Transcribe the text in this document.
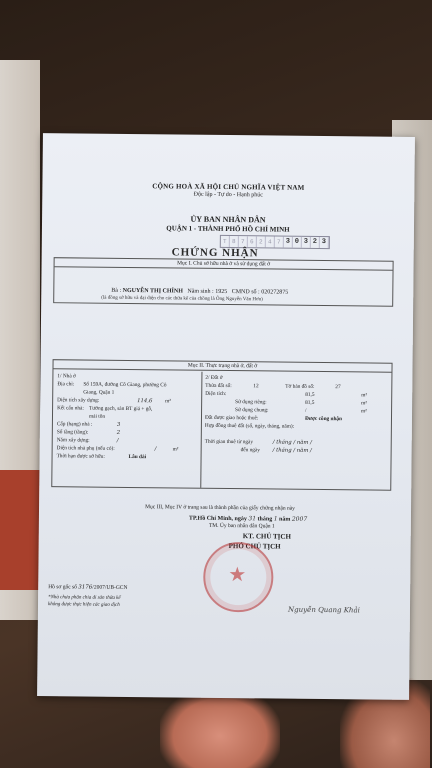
CỘNG HOÀ XÃ HỘI CHỦ NGHĨA VIỆT NAM
Độc lập - Tự do - Hạnh phúc
ỦY BAN NHÂN DÂN
QUẬN 1 - THÀNH PHỐ HỒ CHÍ MINH
T 8 7 6 2 4 7 3 0 3 2 3
CHỨNG NHẬN
Mục I. Chủ sở hữu nhà ở và sử dụng đất ở
Bà : NGUYỄN THỊ CHÍNH Năm sinh : 1925 CMND số : 020272875
(là đồng sở hữu và đại diện cho các thừa kế của chồng là Ông Nguyễn Văn Hơn)
Mục II. Thực trạng nhà ở, đất ở
1/ Nhà ở
Địa chỉ: Số 159A, đường Cô Giang, phường Cô
Giang, Quận 1
Diện tích xây dựng:	114,6 m²
Kết cấu nhà: Tường gạch, sàn BT giả + gỗ,
mái tôn
Cấp (hạng) nhà :	3
Số tầng (tầng):	2
Năm xây dựng:	/
Diện tích nhà phụ (nếu có):	/	m²
Thời hạn được sở hữu:	Lâu dài
2/ Đất ở
Thửa đất số:	12	Tờ bản đồ số:	27
Diện tích:	81,5	m²
Sử dụng riêng:	81,5	m²
Sử dụng chung:	/	m²
Đất được giao hoặc thuê:	Được công nhận
Hợp đồng thuê đất (số, ngày, tháng, năm):
Thời gian thuê từ ngày	/ tháng / năm /
đến ngày / tháng / năm /
Mục III, Mục IV ở trang sau là thành phần của giấy chứng nhận này
TP.Hồ Chí Minh, ngày 31 tháng 1 năm 2007
TM. Ủy ban nhân dân Quận 1
KT. CHỦ TỊCH
PHÓ CHỦ TỊCH
★
Nguyễn Quang Khải
Hồ sơ gốc số 3176/2007/UB-GCN
*Nhà chưa phân chia di sản thừa kế
không được thực hiện các giao dịch
